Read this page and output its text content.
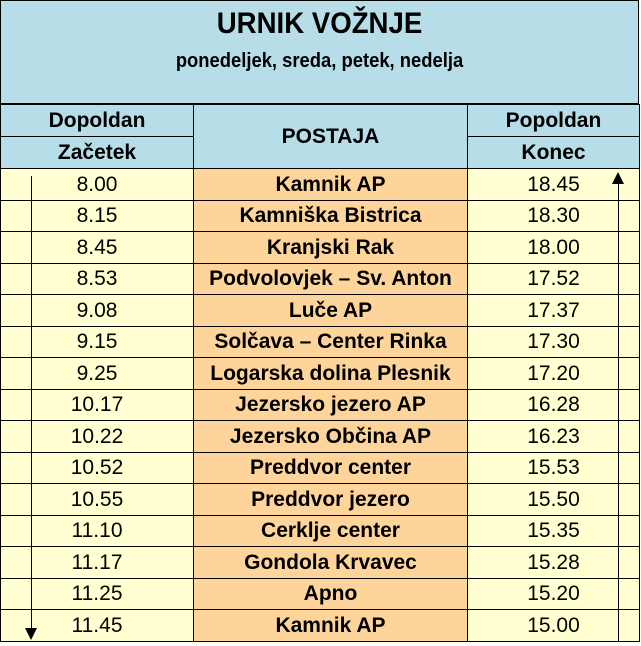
URNIK VOŽNJE
ponedeljek, sreda, petek, nedelja
Dopoldan	POSTAJA	Popoldan
Začetek		Konec
8.00	Kamnik AP	18.45
8.15	Kamniška Bistrica	18.30
8.45	Kranjski Rak	18.00
8.53	Podvolovjek – Sv. Anton	17.52
9.08	Luče AP	17.37
9.15	Solčava – Center Rinka	17.30
9.25	Logarska dolina Plesnik	17.20
10.17	Jezersko jezero AP	16.28
10.22	Jezersko Občina AP	16.23
10.52	Preddvor center	15.53
10.55	Preddvor jezero	15.50
11.10	Cerklje center	15.35
11.17	Gondola Krvavec	15.28
11.25	Apno	15.20
11.45	Kamnik AP	15.00
